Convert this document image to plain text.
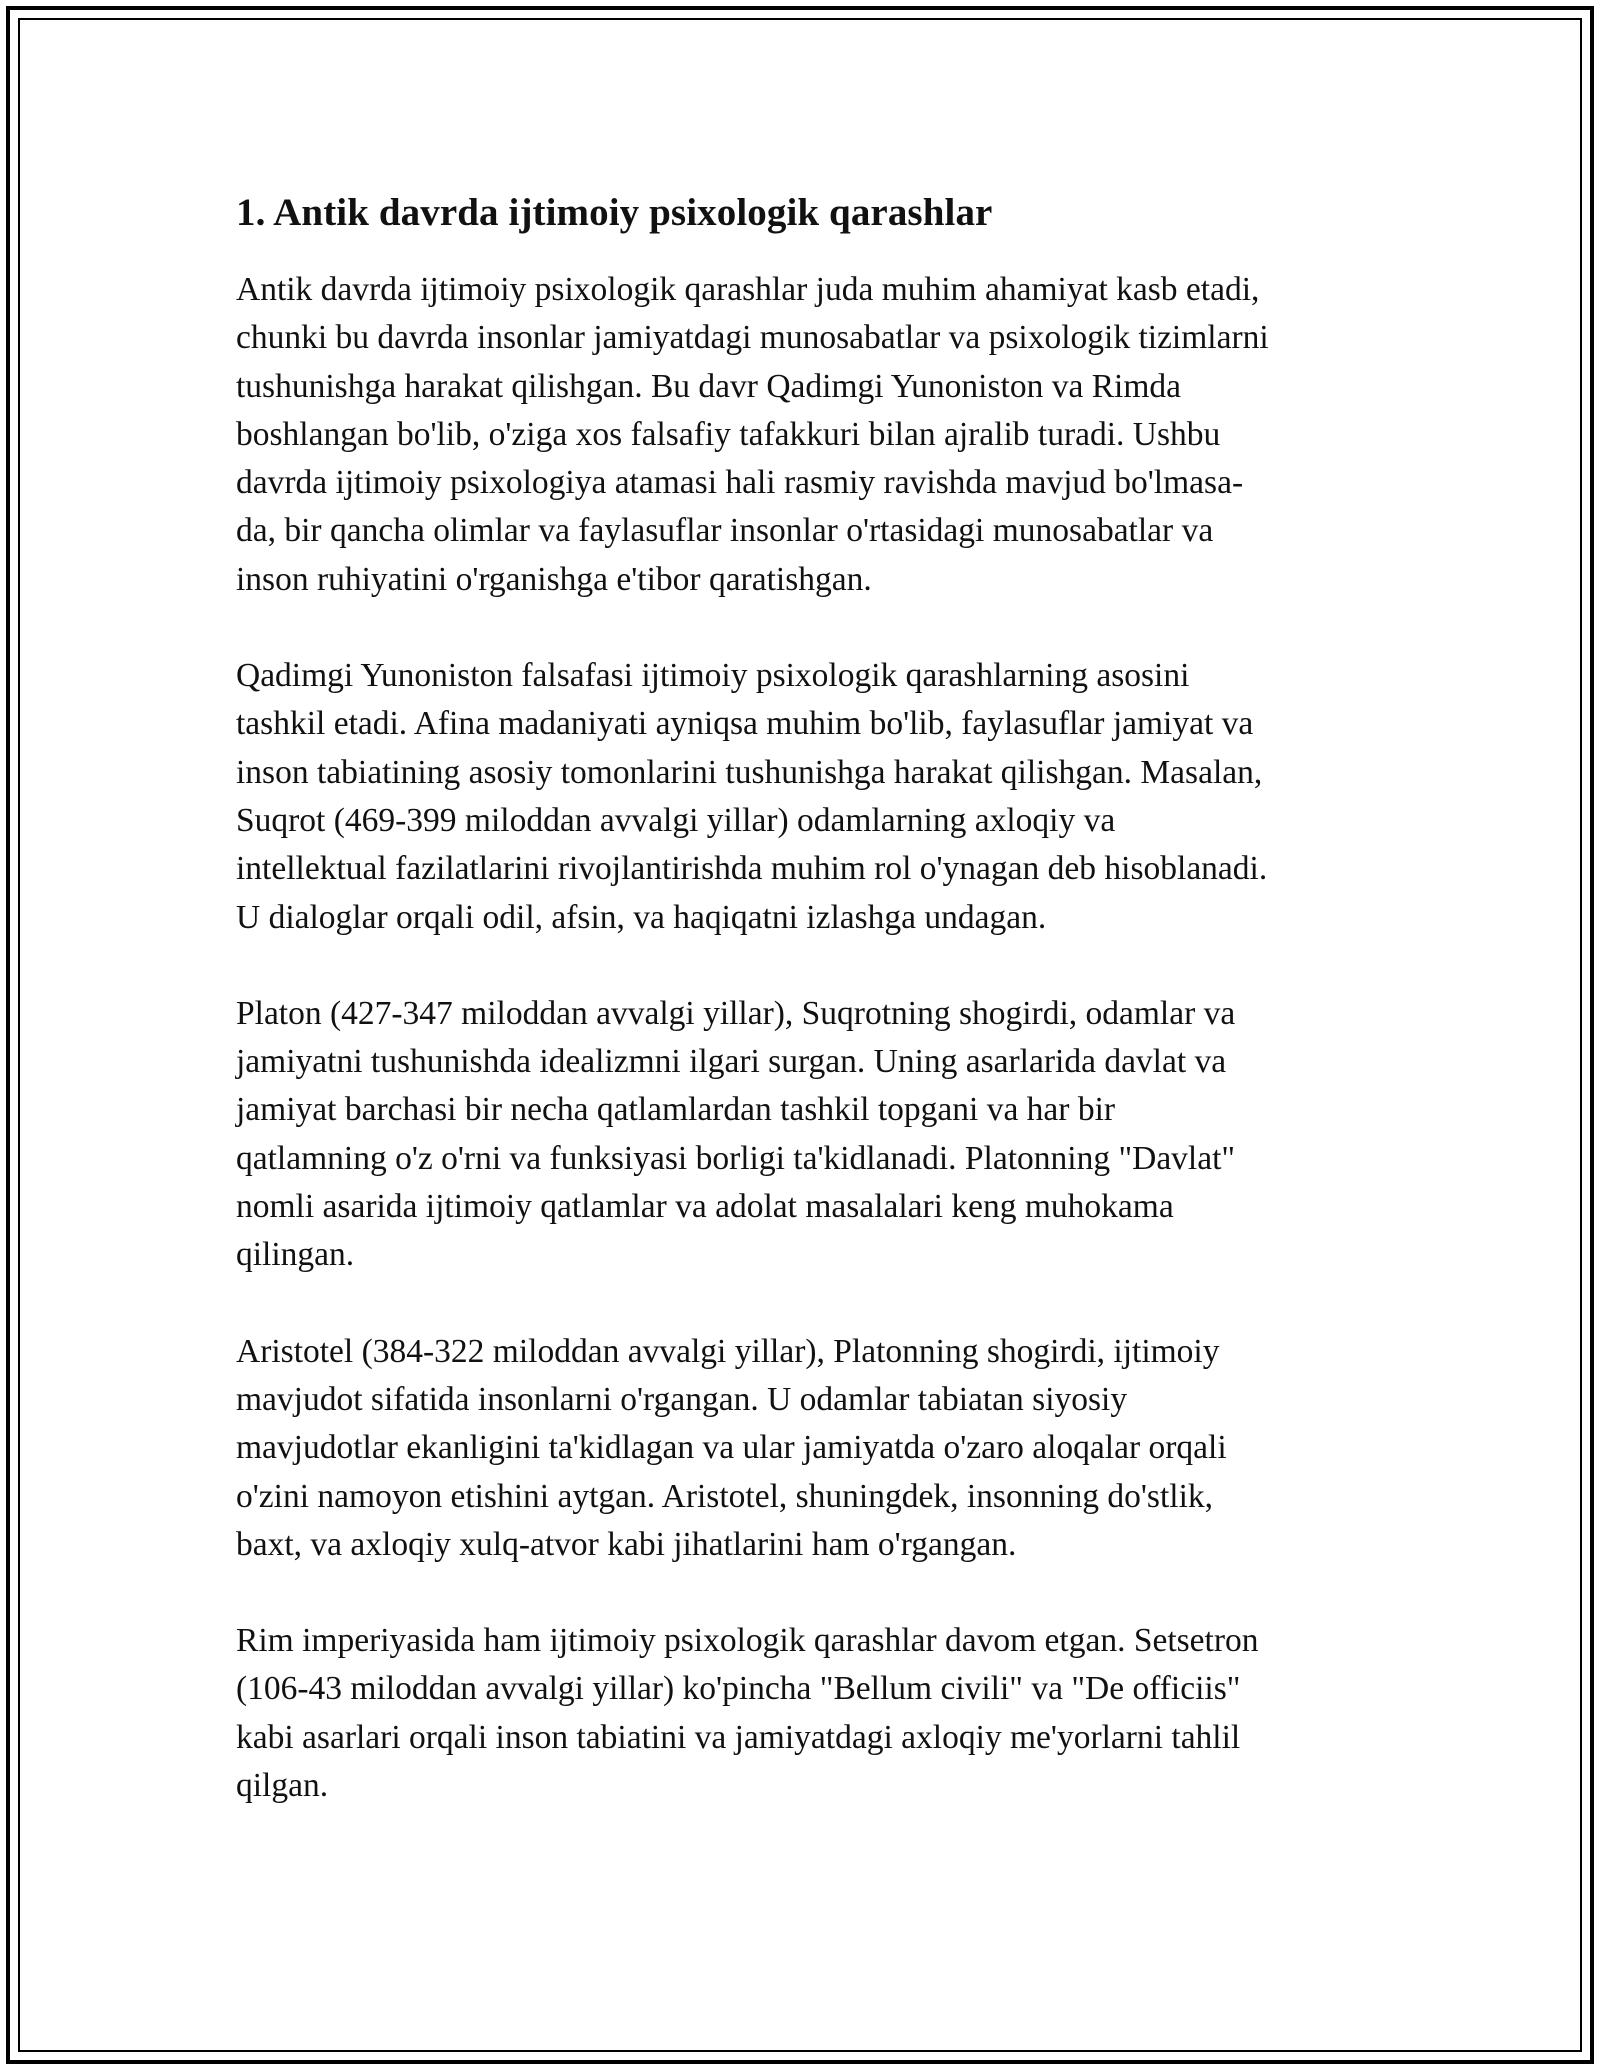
1. Antik davrda ijtimoiy psixologik qarashlar

Antik davrda ijtimoiy psixologik qarashlar juda muhim ahamiyat kasb etadi,
chunki bu davrda insonlar jamiyatdagi munosabatlar va psixologik tizimlarni
tushunishga harakat qilishgan. Bu davr Qadimgi Yunoniston va Rimda
boshlangan bo'lib, o'ziga xos falsafiy tafakkuri bilan ajralib turadi. Ushbu
davrda ijtimoiy psixologiya atamasi hali rasmiy ravishda mavjud bo'lmasa-
da, bir qancha olimlar va faylasuflar insonlar o'rtasidagi munosabatlar va
inson ruhiyatini o'rganishga e'tibor qaratishgan.

Qadimgi Yunoniston falsafasi ijtimoiy psixologik qarashlarning asosini
tashkil etadi. Afina madaniyati ayniqsa muhim bo'lib, faylasuflar jamiyat va
inson tabiatining asosiy tomonlarini tushunishga harakat qilishgan. Masalan,
Suqrot (469-399 miloddan avvalgi yillar) odamlarning axloqiy va
intellektual fazilatlarini rivojlantirishda muhim rol o'ynagan deb hisoblanadi.
U dialoglar orqali odil, afsin, va haqiqatni izlashga undagan.

Platon (427-347 miloddan avvalgi yillar), Suqrotning shogirdi, odamlar va
jamiyatni tushunishda idealizmni ilgari surgan. Uning asarlarida davlat va
jamiyat barchasi bir necha qatlamlardan tashkil topgani va har bir
qatlamning o'z o'rni va funksiyasi borligi ta'kidlanadi. Platonning "Davlat"
nomli asarida ijtimoiy qatlamlar va adolat masalalari keng muhokama
qilingan.

Aristotel (384-322 miloddan avvalgi yillar), Platonning shogirdi, ijtimoiy
mavjudot sifatida insonlarni o'rgangan. U odamlar tabiatan siyosiy
mavjudotlar ekanligini ta'kidlagan va ular jamiyatda o'zaro aloqalar orqali
o'zini namoyon etishini aytgan. Aristotel, shuningdek, insonning do'stlik,
baxt, va axloqiy xulq-atvor kabi jihatlarini ham o'rgangan.

Rim imperiyasida ham ijtimoiy psixologik qarashlar davom etgan. Setsetron
(106-43 miloddan avvalgi yillar) ko'pincha "Bellum civili" va "De officiis"
kabi asarlari orqali inson tabiatini va jamiyatdagi axloqiy me'yorlarni tahlil
qilgan.
